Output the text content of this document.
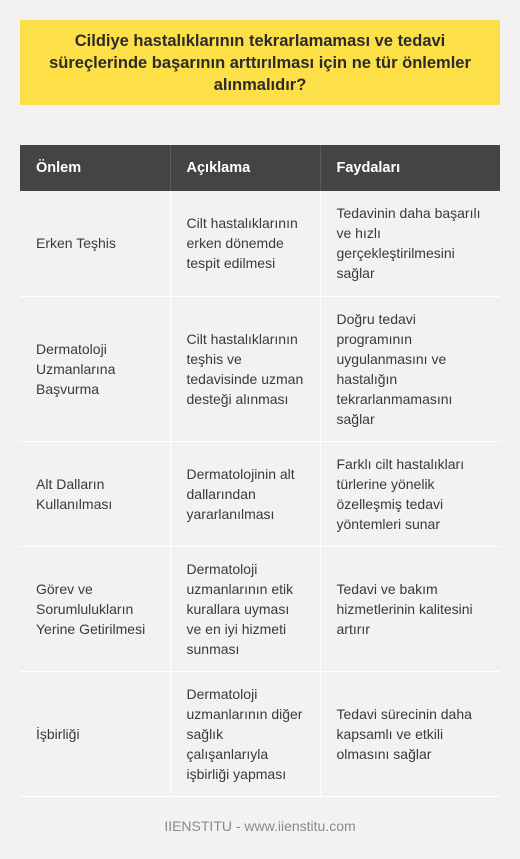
Cildiye hastalıklarının tekrarlamaması ve tedavi süreçlerinde başarının arttırılması için ne tür önlemler alınmalıdır?
Önlem	Açıklama	Faydaları
Erken Teşhis	Cilt hastalıklarının erken dönemde tespit edilmesi	Tedavinin daha başarılı ve hızlı gerçekleştirilmesini sağlar
Dermatoloji Uzmanlarına Başvurma	Cilt hastalıklarının teşhis ve tedavisinde uzman desteği alınması	Doğru tedavi programının uygulanmasını ve hastalığın tekrarlanmamasını sağlar
Alt Dalların Kullanılması	Dermatolojinin alt dallarından yararlanılması	Farklı cilt hastalıkları türlerine yönelik özelleşmiş tedavi yöntemleri sunar
Görev ve Sorumlulukların Yerine Getirilmesi	Dermatoloji uzmanlarının etik kurallara uyması ve en iyi hizmeti sunması	Tedavi ve bakım hizmetlerinin kalitesini artırır
İşbirliği	Dermatoloji uzmanlarının diğer sağlık çalışanlarıyla işbirliği yapması	Tedavi sürecinin daha kapsamlı ve etkili olmasını sağlar
IIENSTITU - www.iienstitu.com
